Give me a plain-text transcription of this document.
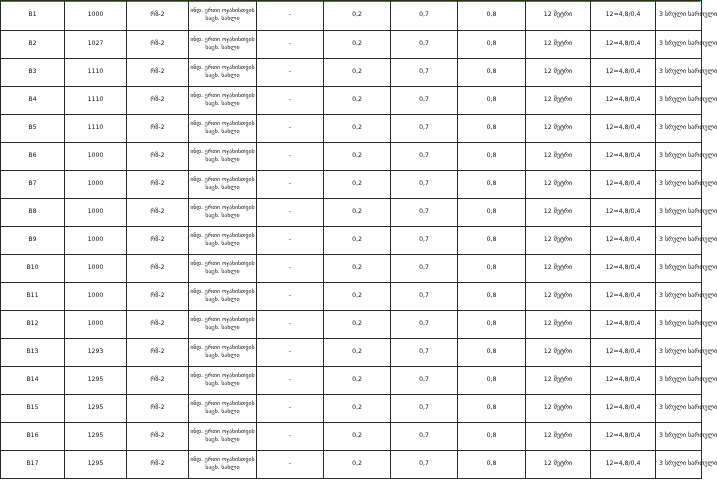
B1	1000	რზ-2	ინდ. ერთი ოჯახისთვის საცხ. სახლი	-	0,2	0,7	0,8	12 მეტრი	12=4,8/0,4	3 სრული სართული
B2	1027	რზ-2	ინდ. ერთი ოჯახისთვის საცხ. სახლი	-	0,2	0,7	0,8	12 მეტრი	12=4,8/0,4	3 სრული სართული
B3	1110	რზ-2	ინდ. ერთი ოჯახისთვის საცხ. სახლი	-	0,2	0,7	0,8	12 მეტრი	12=4,8/0,4	3 სრული სართული
B4	1110	რზ-2	ინდ. ერთი ოჯახისთვის საცხ. სახლი	-	0,2	0,7	0,8	12 მეტრი	12=4,8/0,4	3 სრული სართული
B5	1110	რზ-2	ინდ. ერთი ოჯახისთვის საცხ. სახლი	-	0,2	0,7	0,8	12 მეტრი	12=4,8/0,4	3 სრული სართული
B6	1000	რზ-2	ინდ. ერთი ოჯახისთვის საცხ. სახლი	-	0,2	0,7	0,8	12 მეტრი	12=4,8/0,4	3 სრული სართული
B7	1000	რზ-2	ინდ. ერთი ოჯახისთვის საცხ. სახლი	-	0,2	0,7	0,8	12 მეტრი	12=4,8/0,4	3 სრული სართული
B8	1000	რზ-2	ინდ. ერთი ოჯახისთვის საცხ. სახლი	-	0,2	0,7	0,8	12 მეტრი	12=4,8/0,4	3 სრული სართული
B9	1000	რზ-2	ინდ. ერთი ოჯახისთვის საცხ. სახლი	-	0,2	0,7	0,8	12 მეტრი	12=4,8/0,4	3 სრული სართული
B10	1000	რზ-2	ინდ. ერთი ოჯახისთვის საცხ. სახლი	-	0,2	0,7	0,8	12 მეტრი	12=4,8/0,4	3 სრული სართული
B11	1000	რზ-2	ინდ. ერთი ოჯახისთვის საცხ. სახლი	-	0,2	0,7	0,8	12 მეტრი	12=4,8/0,4	3 სრული სართული
B12	1000	რზ-2	ინდ. ერთი ოჯახისთვის საცხ. სახლი	-	0,2	0,7	0,8	12 მეტრი	12=4,8/0,4	3 სრული სართული
B13	1293	რზ-2	ინდ. ერთი ოჯახისთვის საცხ. სახლი	-	0,2	0,7	0,8	12 მეტრი	12=4,8/0,4	3 სრული სართული
B14	1295	რზ-2	ინდ. ერთი ოჯახისთვის საცხ. სახლი	-	0,2	0,7	0,8	12 მეტრი	12=4,8/0,4	3 სრული სართული
B15	1295	რზ-2	ინდ. ერთი ოჯახისთვის საცხ. სახლი	-	0,2	0,7	0,8	12 მეტრი	12=4,8/0,4	3 სრული სართული
B16	1295	რზ-2	ინდ. ერთი ოჯახისთვის საცხ. სახლი	-	0,2	0,7	0,8	12 მეტრი	12=4,8/0,4	3 სრული სართული
B17	1295	რზ-2	ინდ. ერთი ოჯახისთვის საცხ. სახლი	-	0,2	0,7	0,8	12 მეტრი	12=4,8/0,4	3 სრული სართული
